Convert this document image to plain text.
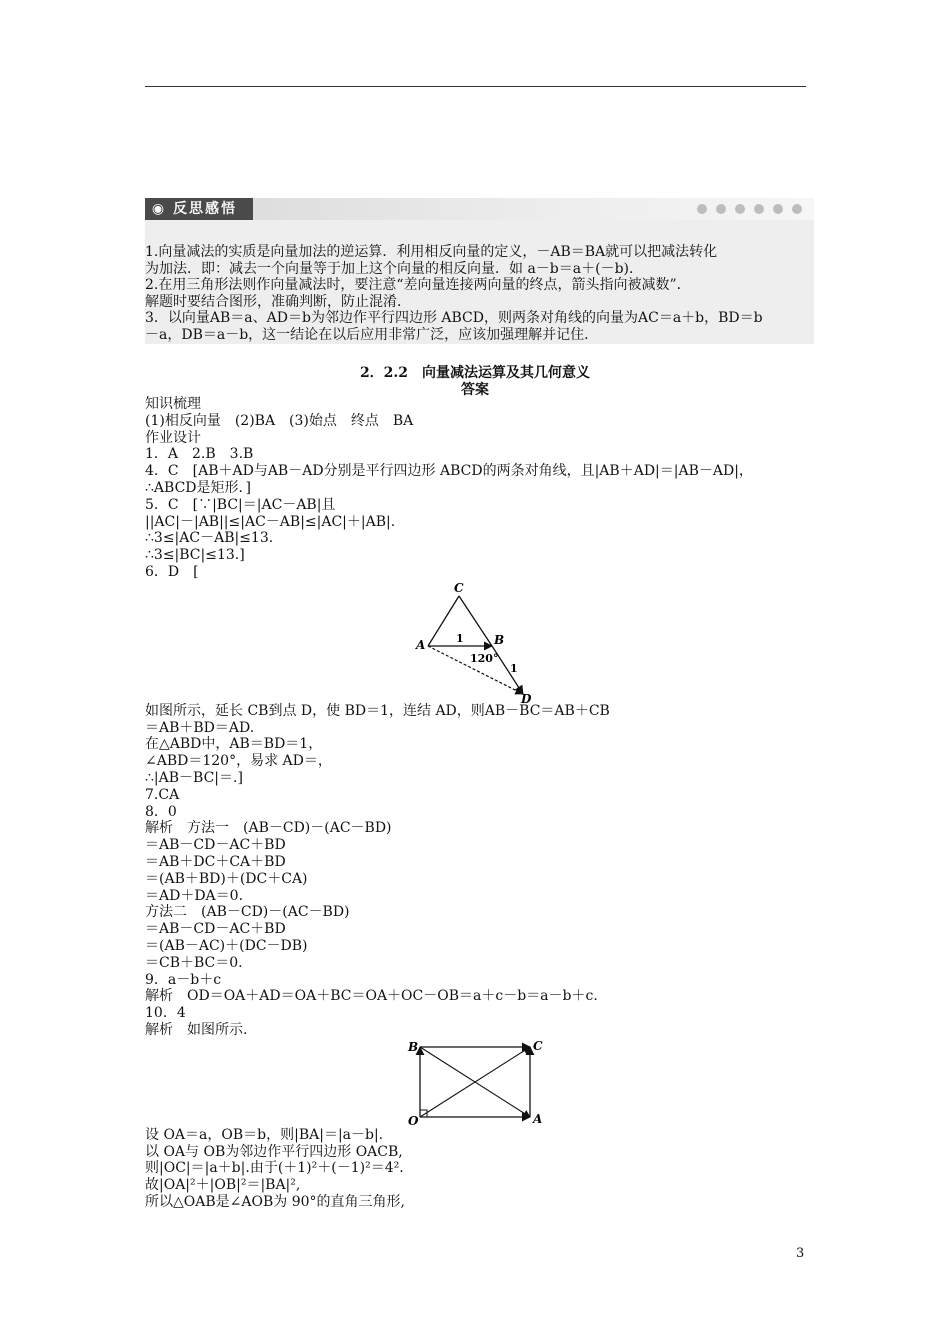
◉ 反思感悟
1.向量减法的实质是向量加法的逆运算．利用相反向量的定义，－AB＝BA就可以把减法转化
为加法．即：减去一个向量等于加上这个向量的相反向量．如 a－b＝a＋(－b)．
2.在用三角形法则作向量减法时，要注意“差向量连接两向量的终点，箭头指向被减数”．
解题时要结合图形，准确判断，防止混淆．
3．以向量AB＝a、AD＝b为邻边作平行四边形 ABCD，则两条对角线的向量为AC＝a＋b，BD＝b
－a，DB＝a－b，这一结论在以后应用非常广泛，应该加强理解并记住．
2．2.2　向量减法运算及其几何意义
答案
知识梳理
(1)相反向量　(2)BA　(3)始点　终点　BA
作业设计
1．A　2.B　3.B
4．C　[AB＋AD与AB－AD分别是平行四边形 ABCD的两条对角线，且|AB＋AD|＝|AB－AD|，
∴ABCD是矩形．]
5．C　[∵|BC|＝|AC－AB|且
||AC|－|AB||≤|AC－AB|≤|AC|＋|AB|.
∴3≤|AC－AB|≤13.
∴3≤|BC|≤13.]
6．D　[
C
A	B
D
1
1
120°
如图所示，延长 CB到点 D，使 BD＝1，连结 AD，则AB－BC＝AB＋CB
＝AB＋BD＝AD.
在△ABD中，AB＝BD＝1，
∠ABD＝120°，易求 AD＝，
∴|AB－BC|＝.]
7.CA
8．0
解析　方法一　(AB－CD)－(AC－BD)
＝AB－CD－AC＋BD
＝AB＋DC＋CA＋BD
＝(AB＋BD)＋(DC＋CA)
＝AD＋DA＝0.
方法二　(AB－CD)－(AC－BD)
＝AB－CD－AC＋BD
＝(AB－AC)＋(DC－DB)
＝CB＋BC＝0.
9．a－b＋c
解析　OD＝OA＋AD＝OA＋BC＝OA＋OC－OB＝a＋c－b＝a－b＋c.
10．4
解析　如图所示.
B	C
O	A
设 OA＝a，OB＝b，则|BA|＝|a－b|.
以 OA与 OB为邻边作平行四边形 OACB,
则|OC|＝|a＋b|.由于(＋1)²＋(－1)²＝4².
故|OA|²＋|OB|²＝|BA|²,
所以△OAB是∠AOB为 90°的直角三角形,
3
